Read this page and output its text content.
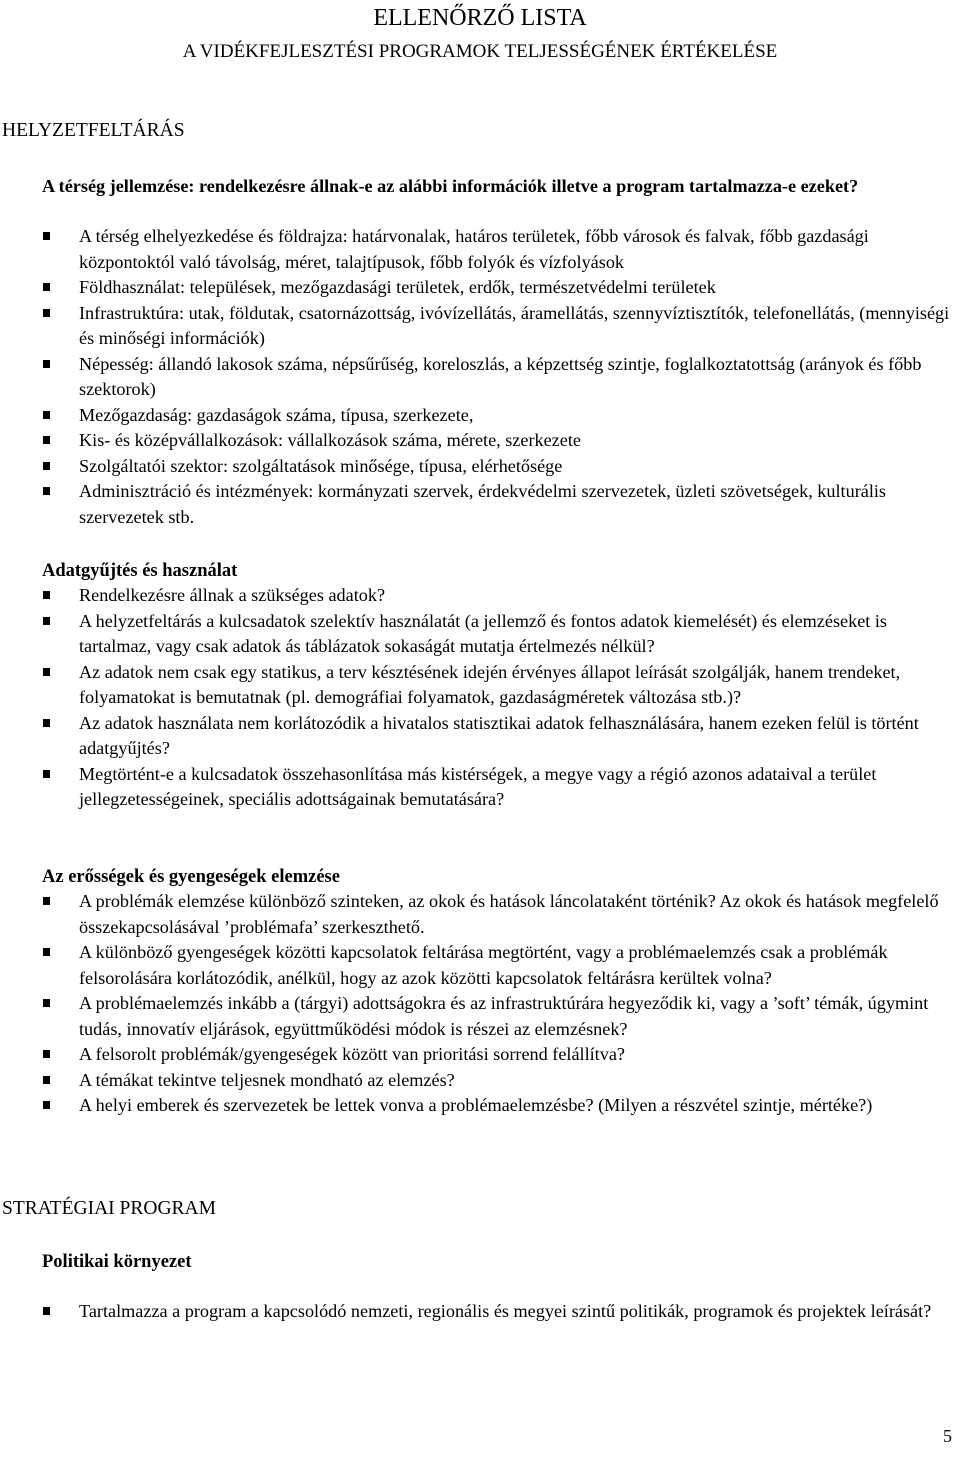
ELLENŐRZŐ LISTA
A VIDÉKFEJLESZTÉSI PROGRAMOK TELJESSÉGÉNEK ÉRTÉKELÉSE
HELYZETFELTÁRÁS
A térség jellemzése: rendelkezésre állnak-e az alábbi információk illetve a program tartalmazza-e ezeket?
A térség elhelyezkedése és földrajza: határvonalak, határos területek, főbb városok és falvak, főbb gazdasági központoktól való távolság, méret, talajtípusok, főbb folyók és vízfolyások
Földhasználat: települések, mezőgazdasági területek, erdők, természetvédelmi területek
Infrastruktúra: utak, földutak, csatornázottság, ivóvízellátás, áramellátás, szennyvíztisztítók, telefonellátás, (mennyiségi és minőségi információk)
Népesség: állandó lakosok száma, népsűrűség, koreloszlás, a képzettség szintje, foglalkoztatottság (arányok és főbb szektorok)
Mezőgazdaság: gazdaságok száma, típusa, szerkezete,
Kis- és középvállalkozások: vállalkozások száma, mérete, szerkezete
Szolgáltatói szektor: szolgáltatások minősége, típusa, elérhetősége
Adminisztráció és intézmények: kormányzati szervek, érdekvédelmi szervezetek, üzleti szövetségek, kulturális szervezetek stb.
Adatgyűjtés és használat
Rendelkezésre állnak a szükséges adatok?
A helyzetfeltárás a kulcsadatok szelektív használatát (a jellemző és fontos adatok kiemelését) és elemzéseket is tartalmaz, vagy csak adatok ás táblázatok sokaságát mutatja értelmezés nélkül?
Az adatok nem csak egy statikus, a terv késztésének idején érvényes állapot leírását szolgálják, hanem trendeket, folyamatokat is bemutatnak (pl. demográfiai folyamatok, gazdaságméretek változása stb.)?
Az adatok használata nem korlátozódik a hivatalos statisztikai adatok felhasználására, hanem ezeken felül is történt adatgyűjtés?
Megtörtént-e a kulcsadatok összehasonlítása más kistérségek, a megye vagy a régió azonos adataival a terület jellegzetességeinek, speciális adottságainak bemutatására?
Az erősségek és gyengeségek elemzése
A problémák elemzése különböző szinteken, az okok és hatások láncolataként történik? Az okok és hatások megfelelő összekapcsolásával ’problémafa’ szerkeszthető.
A különböző gyengeségek közötti kapcsolatok feltárása megtörtént, vagy a problémaelemzés csak a problémák felsorolására korlátozódik, anélkül, hogy az azok közötti kapcsolatok feltárásra kerültek volna?
A problémaelemzés inkább a (tárgyi) adottságokra és az infrastruktúrára hegyeződik ki, vagy a ’soft’ témák, úgymint tudás, innovatív eljárások, együttműködési módok is részei az elemzésnek?
A felsorolt problémák/gyengeségek között van prioritási sorrend felállítva?
A témákat tekintve teljesnek mondható az elemzés?
A helyi emberek és szervezetek be lettek vonva a problémaelemzésbe? (Milyen a részvétel szintje, mértéke?)
STRATÉGIAI PROGRAM
Politikai környezet
Tartalmazza a program a kapcsolódó nemzeti, regionális és megyei szintű politikák, programok és projektek leírását?
5
